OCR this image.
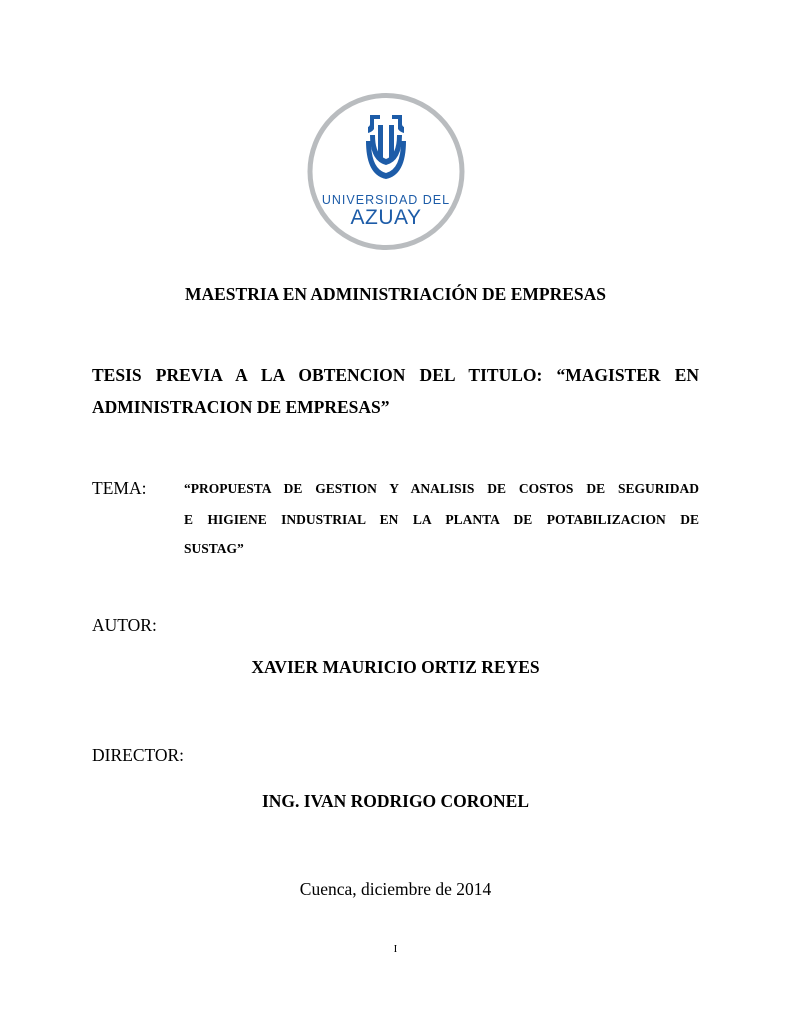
UNIVERSIDAD DEL
AZUAY
MAESTRIA EN ADMINISTRIACIÓN DE EMPRESAS
TESIS PREVIA A LA OBTENCION DEL TITULO: “MAGISTER EN
ADMINISTRACION DE EMPRESAS”
TEMA:	“PROPUESTA DE GESTION Y ANALISIS DE COSTOS DE SEGURIDAD
E HIGIENE INDUSTRIAL EN LA PLANTA DE POTABILIZACION DE
SUSTAG”
AUTOR:
XAVIER MAURICIO ORTIZ REYES
DIRECTOR:
ING. IVAN RODRIGO CORONEL
Cuenca, diciembre de 2014
I
